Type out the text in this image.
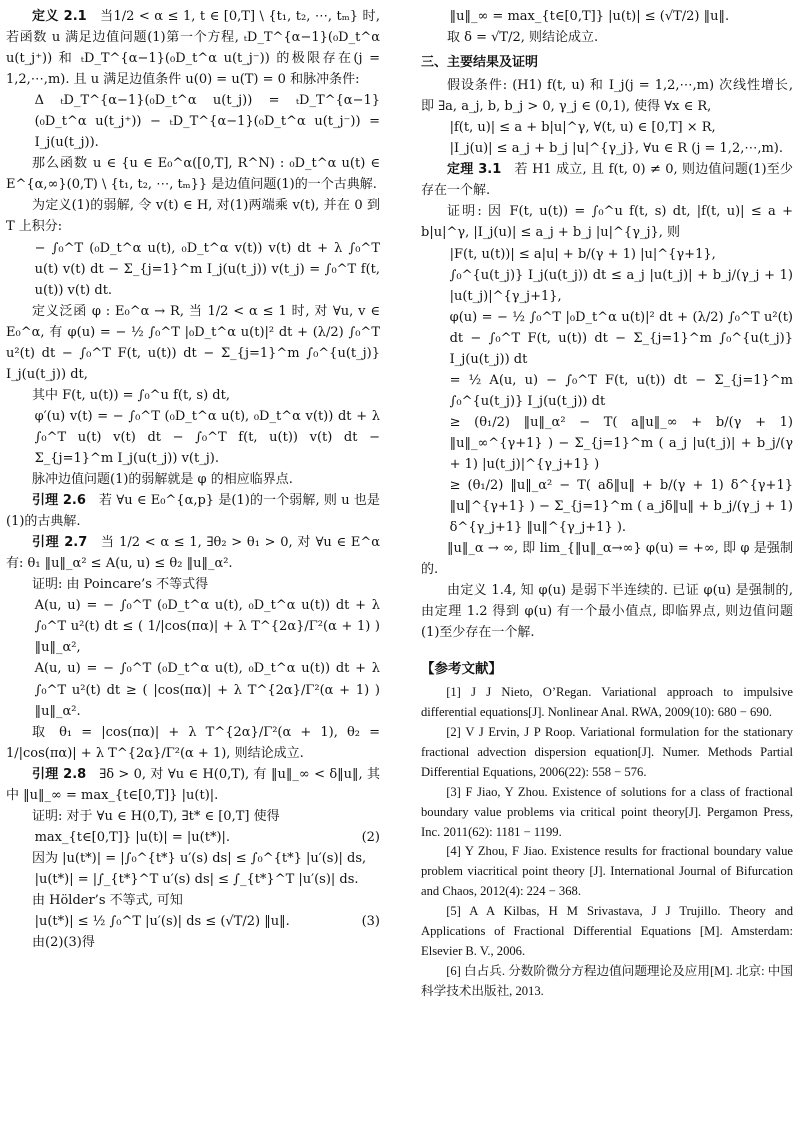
定义 2.1  当1/2 < α ≤ 1, t ∈ [0,T] \ {t₁, t₂, ⋯, tₘ} 时, 若函数 u 满足边值问题(1)第一个方程, ₜD_T^{α−1}(₀D_t^α u(t_j⁺)) 和 ₜD_T^{α−1}(₀D_t^α u(t_j⁻)) 的极限存在(j = 1,2,⋯,m). 且 u 满足边值条件 u(0) = u(T) = 0 和脉冲条件:

Δ ₜD_T^{α−1}(₀D_t^α u(t_j)) = ₜD_T^{α−1}(₀D_t^α u(t_j⁺)) − ₜD_T^{α−1}(₀D_t^α u(t_j⁻)) = I_j(u(t_j)).

那么函数 u ∈ {u ∈ E₀^α([0,T], R^N) : ₀D_t^α u(t) ∈ E^{α,∞}(0,T) \ {t₁, t₂, ⋯, tₘ}} 是边值问题(1)的一个古典解.

为定义(1)的弱解, 令 v(t) ∈ H, 对(1)两端乘 v(t), 并在 0 到 T 上积分:

− ∫₀^T (₀D_t^α u(t), ₀D_t^α v(t)) v(t) dt + λ ∫₀^T u(t) v(t) dt − Σ_{j=1}^m I_j(u(t_j)) v(t_j) = ∫₀^T f(t, u(t)) v(t) dt.

定义泛函 φ : E₀^α → R, 当 1/2 < α ≤ 1 时, 对 ∀u, v ∈ E₀^α, 有 φ(u) = − ½ ∫₀^T |₀D_t^α u(t)|² dt + (λ/2) ∫₀^T u²(t) dt − ∫₀^T F(t, u(t)) dt − Σ_{j=1}^m ∫₀^{u(t_j)} I_j(u(t_j)) dt,

其中 F(t, u(t)) = ∫₀^u f(t, s) dt,

φ′(u) v(t) = − ∫₀^T (₀D_t^α u(t), ₀D_t^α v(t)) dt + λ ∫₀^T u(t) v(t) dt − ∫₀^T f(t, u(t)) v(t) dt − Σ_{j=1}^m I_j(u(t_j)) v(t_j).

脉冲边值问题(1)的弱解就是 φ 的相应临界点.

引理 2.6  若 ∀u ∈ E₀^{α,p} 是(1)的一个弱解, 则 u 也是(1)的古典解.

引理 2.7  当 1/2 < α ≤ 1, ∃θ₂ > θ₁ > 0, 对 ∀u ∈ E^α 有: θ₁ ‖u‖_α² ≤ A(u, u) ≤ θ₂ ‖u‖_α².

证明: 由 Poincare’s 不等式得

A(u, u) = − ∫₀^T (₀D_t^α u(t), ₀D_t^α u(t)) dt + λ ∫₀^T u²(t) dt ≤ ( 1/|cos(πα)| + λ T^{2α}/Γ²(α + 1) ) ‖u‖_α²,

A(u, u) = − ∫₀^T (₀D_t^α u(t), ₀D_t^α u(t)) dt + λ ∫₀^T u²(t) dt ≥ ( |cos(πα)| + λ T^{2α}/Γ²(α + 1) ) ‖u‖_α².

取 θ₁ = |cos(πα)| + λ T^{2α}/Γ²(α + 1), θ₂ = 1/|cos(πα)| + λ T^{2α}/Γ²(α + 1), 则结论成立.

引理 2.8  ∃δ > 0, 对 ∀u ∈ H(0,T), 有 ‖u‖_∞ < δ‖u‖, 其中 ‖u‖_∞ = max_{t∈[0,T]} |u(t)|.

证明: 对于 ∀u ∈ H(0,T), ∃t* ∈ [0,T] 使得

max_{t∈[0,T]} |u(t)| = |u(t*)|.	(2)

因为 |u(t*)| = |∫₀^{t*} u′(s) ds| ≤ ∫₀^{t*} |u′(s)| ds,

|u(t*)| = |∫_{t*}^T u′(s) ds| ≤ ∫_{t*}^T |u′(s)| ds.

由 Hölder’s 不等式, 可知

|u(t*)| ≤ ½ ∫₀^T |u′(s)| ds ≤ (√T/2) ‖u‖.	(3)

由(2)(3)得

‖u‖_∞ = max_{t∈[0,T]} |u(t)| ≤ (√T/2) ‖u‖.

取 δ = √T/2, 则结论成立.

三、主要结果及证明

假设条件: (H1) f(t, u) 和 I_j(j = 1,2,⋯,m) 次线性增长, 即 ∃a, a_j, b, b_j > 0, γ_j ∈ (0,1), 使得 ∀x ∈ R,

|f(t, u)| ≤ a + b|u|^γ, ∀(t, u) ∈ [0,T] × R,

|I_j(u)| ≤ a_j + b_j |u|^{γ_j}, ∀u ∈ R (j = 1,2,⋯,m).

定理 3.1  若 H1 成立, 且 f(t, 0) ≠ 0, 则边值问题(1)至少存在一个解.

证明: 因 F(t, u(t)) = ∫₀^u f(t, s) dt, |f(t, u)| ≤ a + b|u|^γ, |I_j(u)| ≤ a_j + b_j |u|^{γ_j}, 则

|F(t, u(t))| ≤ a|u| + b/(γ + 1) |u|^{γ+1},

∫₀^{u(t_j)} I_j(u(t_j)) dt ≤ a_j |u(t_j)| + b_j/(γ_j + 1) |u(t_j)|^{γ_j+1},

φ(u) = − ½ ∫₀^T |₀D_t^α u(t)|² dt + (λ/2) ∫₀^T u²(t) dt − ∫₀^T F(t, u(t)) dt − Σ_{j=1}^m ∫₀^{u(t_j)} I_j(u(t_j)) dt

= ½ A(u, u) − ∫₀^T F(t, u(t)) dt − Σ_{j=1}^m ∫₀^{u(t_j)} I_j(u(t_j)) dt

≥ (θ₁/2) ‖u‖_α² − T( a‖u‖_∞ + b/(γ + 1) ‖u‖_∞^{γ+1} ) − Σ_{j=1}^m ( a_j |u(t_j)| + b_j/(γ + 1) |u(t_j)|^{γ_j+1} )

≥ (θ₁/2) ‖u‖_α² − T( aδ‖u‖ + b/(γ + 1) δ^{γ+1} ‖u‖^{γ+1} ) − Σ_{j=1}^m ( a_jδ‖u‖ + b_j/(γ_j + 1) δ^{γ_j+1} ‖u‖^{γ_j+1} ).

‖u‖_α → ∞, 即 lim_{‖u‖_α→∞} φ(u) = +∞, 即 φ 是强制的.

由定义 1.4, 知 φ(u) 是弱下半连续的. 已证 φ(u) 是强制的, 由定理 1.2 得到 φ(u) 有一个最小值点, 即临界点, 则边值问题(1)至少存在一个解.

【参考文献】

[1] J J Nieto, O’Regan. Variational approach to impulsive differential equations[J]. Nonlinear Anal. RWA, 2009(10): 680 − 690.

[2] V J Ervin, J P Roop. Variational formulation for the stationary fractional advection dispersion equation[J]. Numer. Methods Partial Differential Equations, 2006(22): 558 − 576.

[3] F Jiao, Y Zhou. Existence of solutions for a class of fractional boundary value problems via critical point theory[J]. Pergamon Press, Inc. 2011(62): 1181 − 1199.

[4] Y Zhou, F Jiao. Existence results for fractional boundary value problem viacritical point theory [J]. International Journal of Bifurcation and Chaos, 2012(4): 224 − 368.

[5] A A Kilbas, H M Srivastava, J J Trujillo. Theory and Applications of Fractional Differential Equations [M]. Amsterdam: Elsevier B. V., 2006.

[6] 白占兵. 分数阶微分方程边值问题理论及应用[M]. 北京: 中国科学技术出版社, 2013.
